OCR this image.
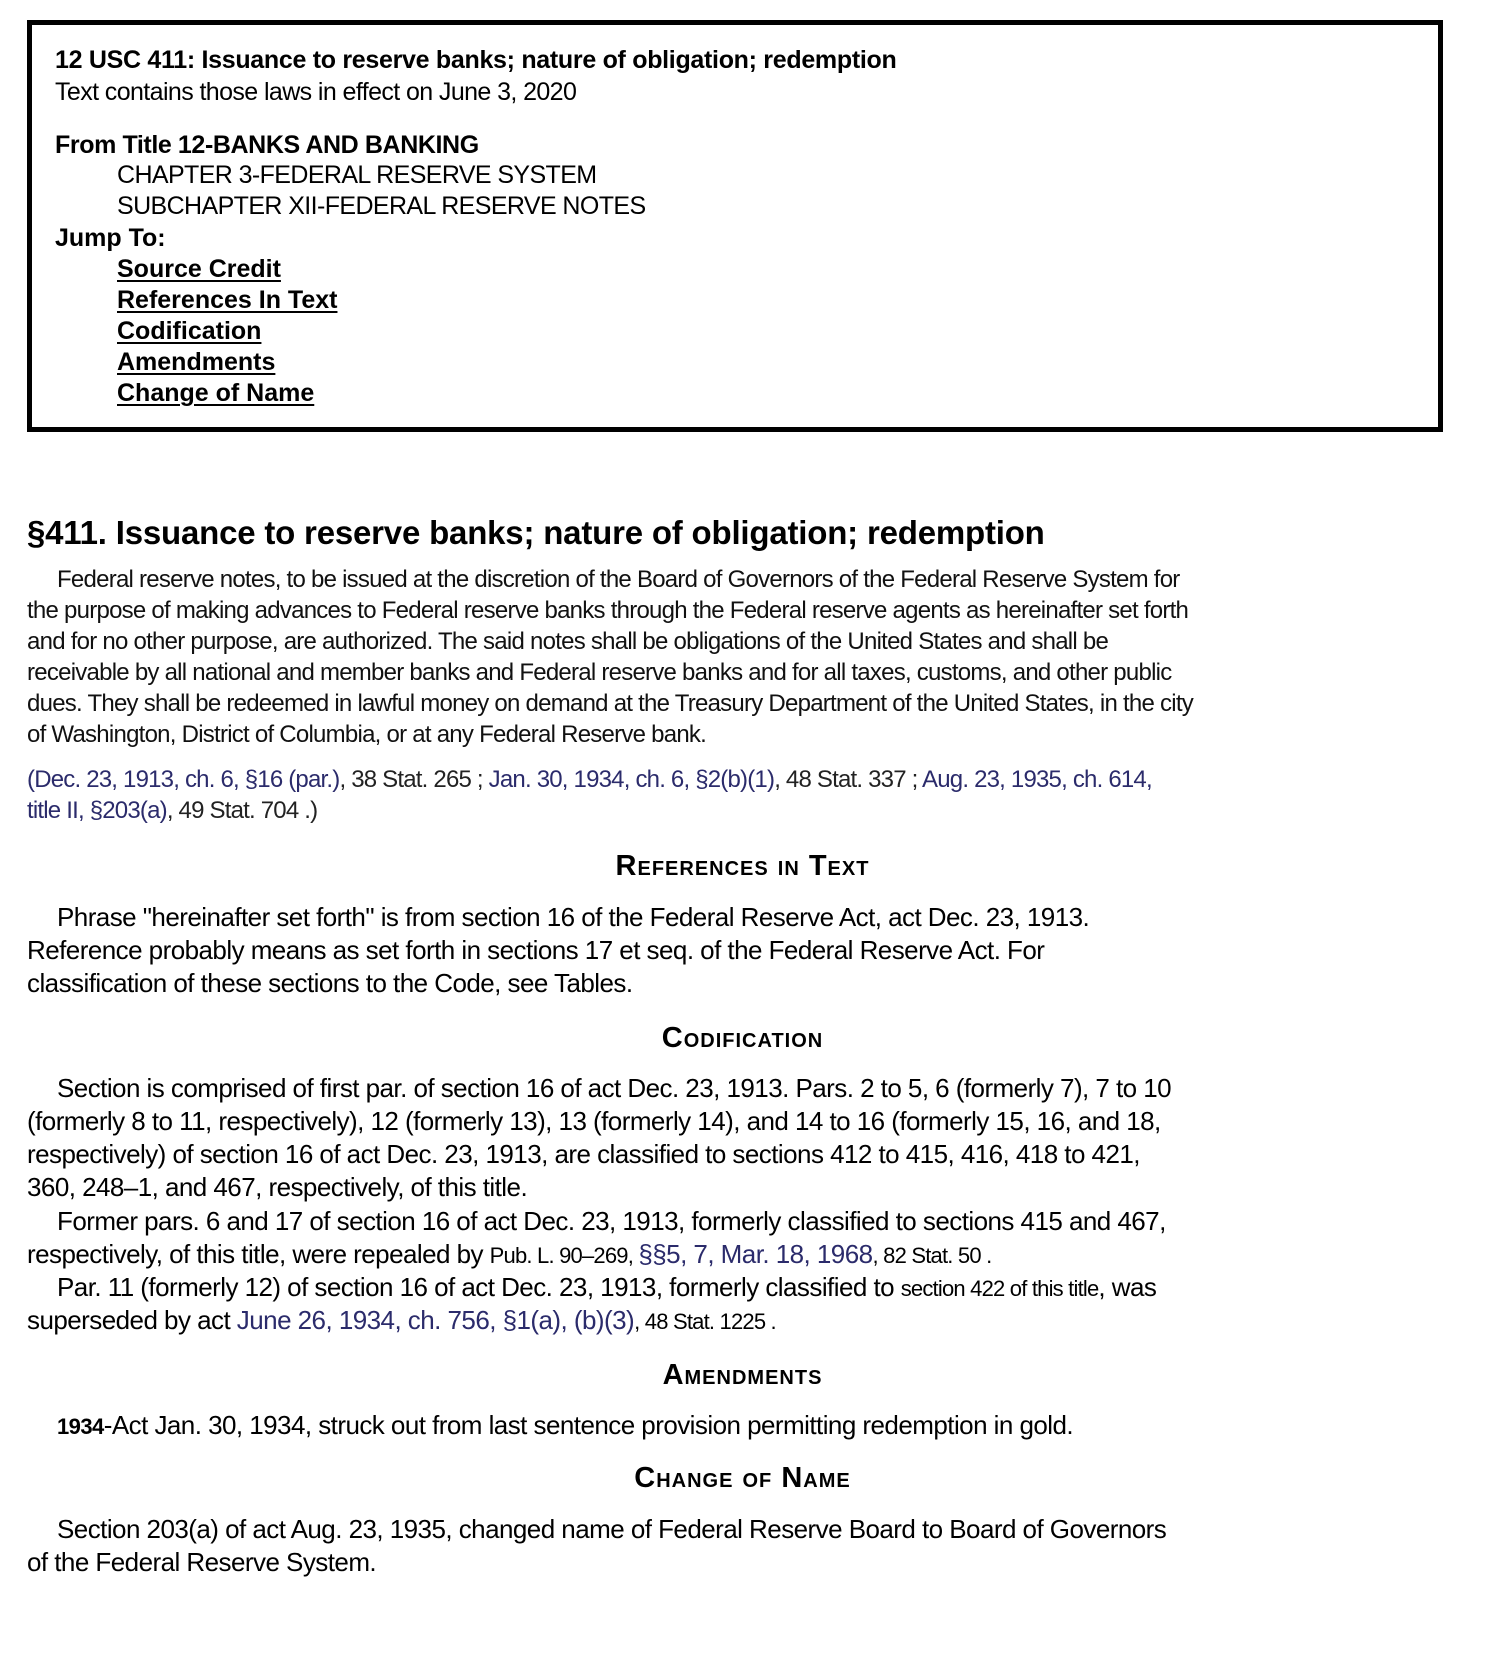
12 USC 411: Issuance to reserve banks; nature of obligation; redemption
Text contains those laws in effect on June 3, 2020
From Title 12-BANKS AND BANKING
CHAPTER 3-FEDERAL RESERVE SYSTEM
SUBCHAPTER XII-FEDERAL RESERVE NOTES
Jump To:
Source Credit
References In Text
Codification
Amendments
Change of Name
§411. Issuance to reserve banks; nature of obligation; redemption
Federal reserve notes, to be issued at the discretion of the Board of Governors of the Federal Reserve System for
the purpose of making advances to Federal reserve banks through the Federal reserve agents as hereinafter set forth
and for no other purpose, are authorized. The said notes shall be obligations of the United States and shall be
receivable by all national and member banks and Federal reserve banks and for all taxes, customs, and other public
dues. They shall be redeemed in lawful money on demand at the Treasury Department of the United States, in the city
of Washington, District of Columbia, or at any Federal Reserve bank.
(Dec. 23, 1913, ch. 6, §16 (par.), 38 Stat. 265 ; Jan. 30, 1934, ch. 6, §2(b)(1), 48 Stat. 337 ; Aug. 23, 1935, ch. 614,
title II, §203(a), 49 Stat. 704 .)
References in Text
Phrase "hereinafter set forth" is from section 16 of the Federal Reserve Act, act Dec. 23, 1913.
Reference probably means as set forth in sections 17 et seq. of the Federal Reserve Act. For
classification of these sections to the Code, see Tables.
Codification
Section is comprised of first par. of section 16 of act Dec. 23, 1913. Pars. 2 to 5, 6 (formerly 7), 7 to 10
(formerly 8 to 11, respectively), 12 (formerly 13), 13 (formerly 14), and 14 to 16 (formerly 15, 16, and 18,
respectively) of section 16 of act Dec. 23, 1913, are classified to sections 412 to 415, 416, 418 to 421,
360, 248–1, and 467, respectively, of this title.
Former pars. 6 and 17 of section 16 of act Dec. 23, 1913, formerly classified to sections 415 and 467,
respectively, of this title, were repealed by Pub. L. 90–269, §§5, 7, Mar. 18, 1968, 82 Stat. 50 .
Par. 11 (formerly 12) of section 16 of act Dec. 23, 1913, formerly classified to section 422 of this title, was
superseded by act June 26, 1934, ch. 756, §1(a), (b)(3), 48 Stat. 1225 .
Amendments
1934-Act Jan. 30, 1934, struck out from last sentence provision permitting redemption in gold.
Change of Name
Section 203(a) of act Aug. 23, 1935, changed name of Federal Reserve Board to Board of Governors
of the Federal Reserve System.
